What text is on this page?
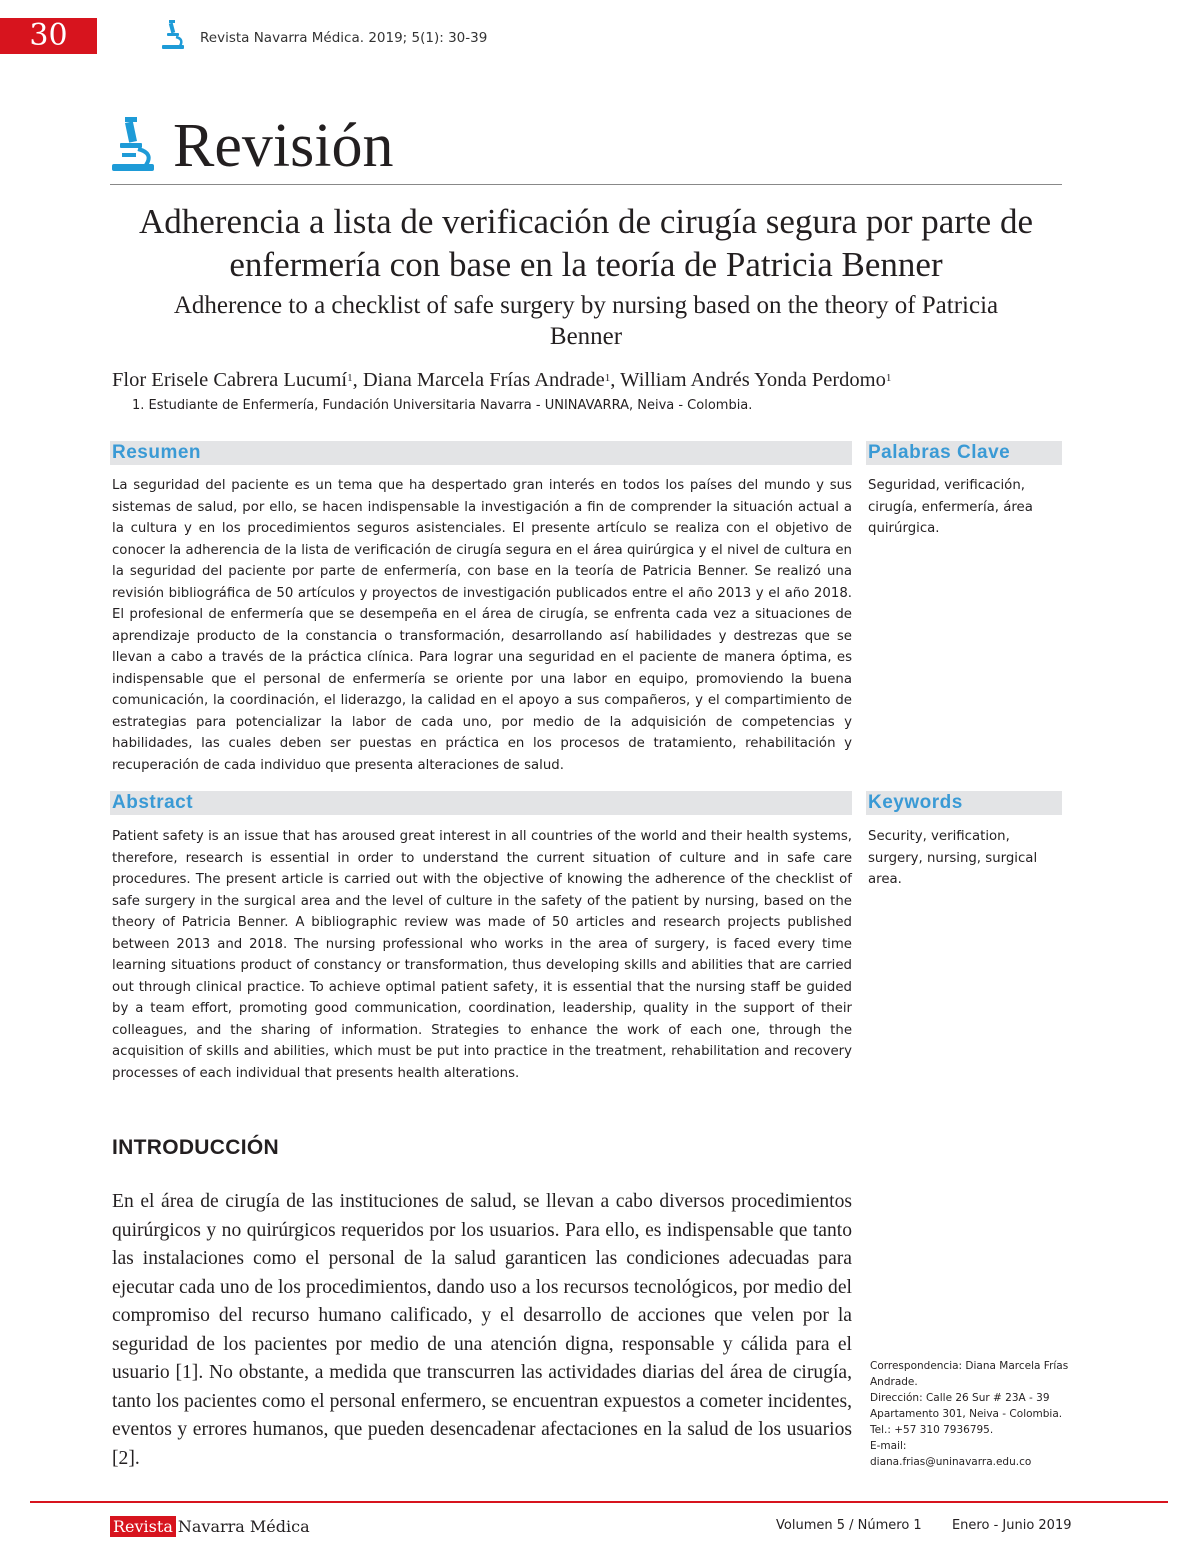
30	Revista Navarra Médica. 2019; 5(1): 30-39
Revisión
Adherencia a lista de verificación de cirugía segura por parte de enfermería con base en la teoría de Patricia Benner
Adherence to a checklist of safe surgery by nursing based on the theory of Patricia Benner
Flor Erisele Cabrera Lucumí$^1$, Diana Marcela Frías Andrade$^1$, William Andrés Yonda Perdomo$^1$
1. Estudiante de Enfermería, Fundación Universitaria Navarra - UNINAVARRA, Neiva - Colombia.
Resumen
La seguridad del paciente es un tema que ha despertado gran interés en todos los países del mundo y sus sistemas de salud, por ello, se hacen indispensable la investigación a fin de comprender la situación actual a la cultura y en los procedimientos seguros asistenciales. El presente artículo se realiza con el objetivo de conocer la adherencia de la lista de verificación de cirugía segura en el área quirúrgica y el nivel de cultura en la seguridad del paciente por parte de enfermería, con base en la teoría de Patricia Benner. Se realizó una revisión bibliográfica de 50 artículos y proyectos de investigación publicados entre el año 2013 y el año 2018. El profesional de enfermería que se desempeña en el área de cirugía, se enfrenta cada vez a situaciones de aprendizaje producto de la constancia o transformación, desarrollando así habilidades y destrezas que se llevan a cabo a través de la práctica clínica. Para lograr una seguridad en el paciente de manera óptima, es indispensable que el personal de enfermería se oriente por una labor en equipo, promoviendo la buena comunicación, la coordinación, el liderazgo, la calidad en el apoyo a sus compañeros, y el compartimiento de estrategias para potencializar la labor de cada uno, por medio de la adquisición de competencias y habilidades, las cuales deben ser puestas en práctica en los procesos de tratamiento, rehabilitación y recuperación de cada individuo que presenta alteraciones de salud.
Palabras Clave
Seguridad, verificación, cirugía, enfermería, área quirúrgica.
Abstract
Patient safety is an issue that has aroused great interest in all countries of the world and their health systems, therefore, research is essential in order to understand the current situation of culture and in safe care procedures. The present article is carried out with the objective of knowing the adherence of the checklist of safe surgery in the surgical area and the level of culture in the safety of the patient by nursing, based on the theory of Patricia Benner. A bibliographic review was made of 50 articles and research projects published between 2013 and 2018. The nursing professional who works in the area of surgery, is faced every time learning situations product of constancy or transformation, thus developing skills and abilities that are carried out through clinical practice. To achieve optimal patient safety, it is essential that the nursing staff be guided by a team effort, promoting good communication, coordination, leadership, quality in the support of their colleagues, and the sharing of information. Strategies to enhance the work of each one, through the acquisition of skills and abilities, which must be put into practice in the treatment, rehabilitation and recovery processes of each individual that presents health alterations.
Keywords
Security, verification, surgery, nursing, surgical area.
INTRODUCCIÓN
En el área de cirugía de las instituciones de salud, se llevan a cabo diversos procedimientos quirúrgicos y no quirúrgicos requeridos por los usuarios. Para ello, es indispensable que tanto las instalaciones como el personal de la salud garanticen las condiciones adecuadas para ejecutar cada uno de los procedimientos, dando uso a los recursos tecnológicos, por medio del compromiso del recurso humano calificado, y el desarrollo de acciones que velen por la seguridad de los pacientes por medio de una atención digna, responsable y cálida para el usuario [1]. No obstante, a medida que transcurren las actividades diarias del área de cirugía, tanto los pacientes como el personal enfermero, se encuentran expuestos a cometer incidentes, eventos y errores humanos, que pueden desencadenar afectaciones en la salud de los usuarios [2].
Correspondencia: Diana Marcela Frías Andrade.
Dirección: Calle 26 Sur # 23A - 39 Apartamento 301, Neiva - Colombia.
Tel.: +57 310 7936795.
E-mail: diana.frias@uninavarra.edu.co
Revista Navarra Médica	Volumen 5 / Número 1 Enero - Junio 2019
